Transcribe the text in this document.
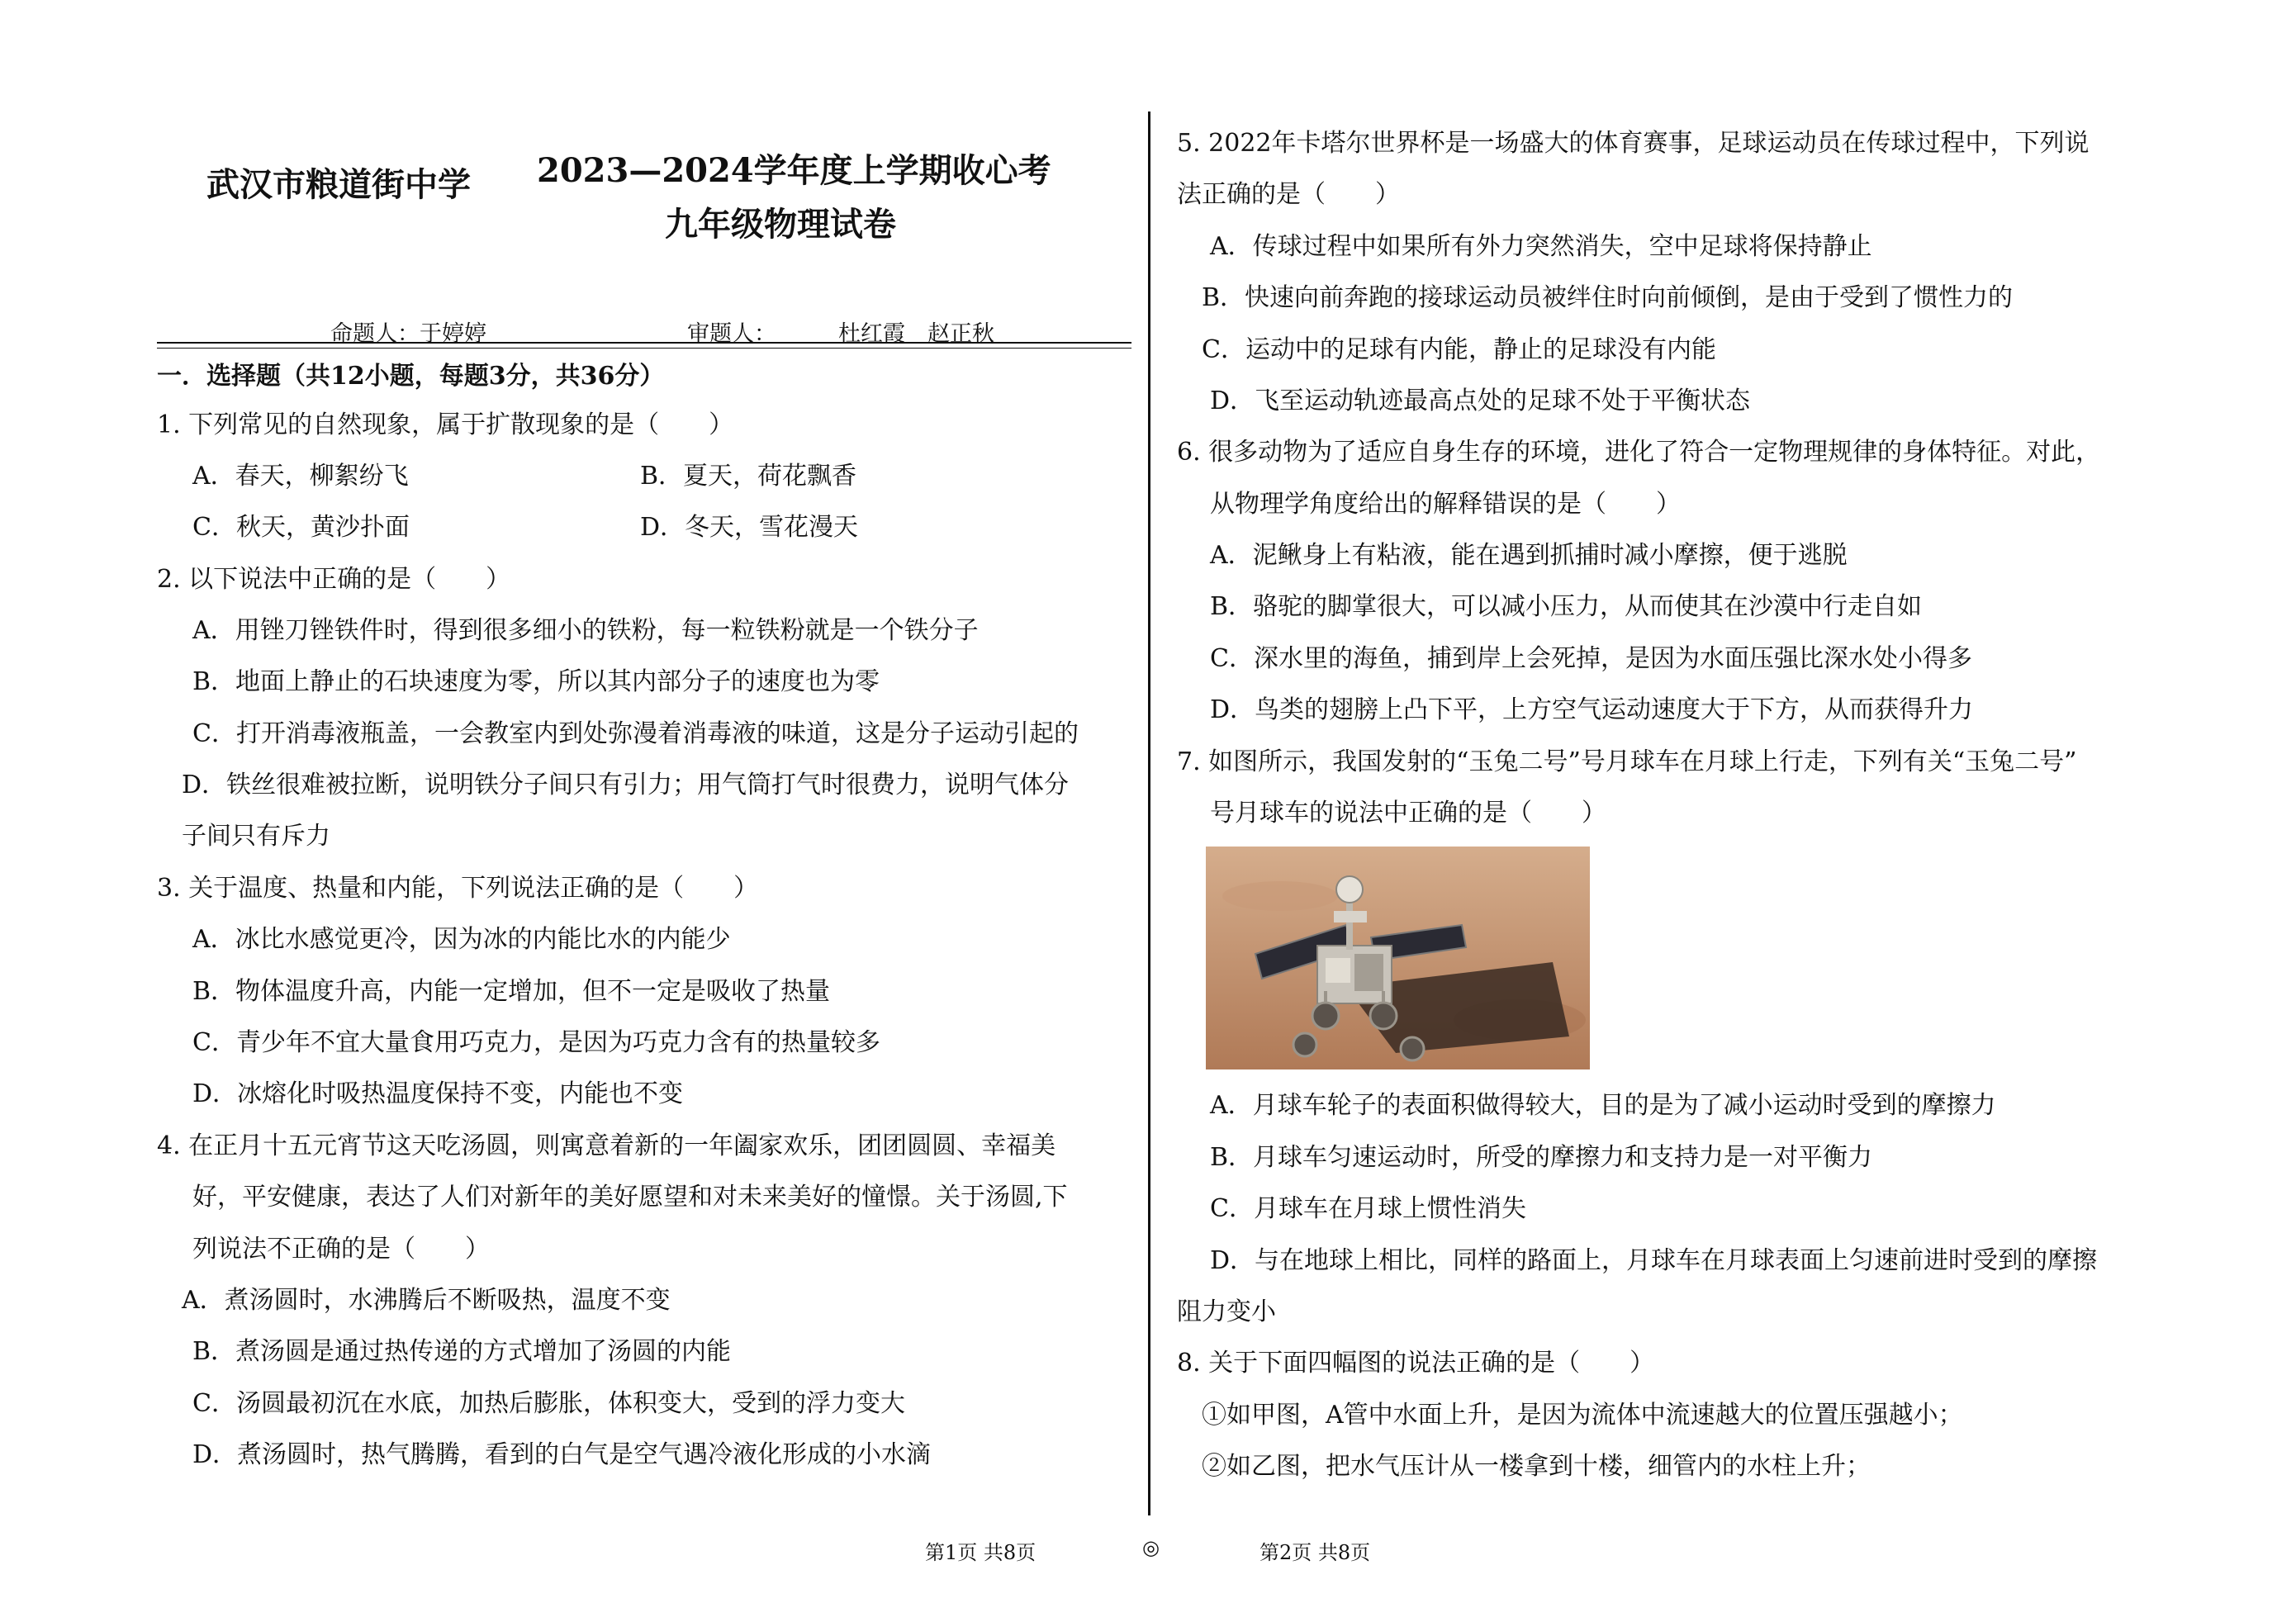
武汉市粮道街中学 2023—2024学年度上学期收心考
九年级物理试卷
命题人：于婷婷	审题人：	杜红霞　赵正秋
一．选择题（共12小题，每题3分，共36分）
1. 下列常见的自然现象，属于扩散现象的是（　　）
A．春天，柳絮纷飞	B．夏天，荷花飘香
C．秋天，黄沙扑面	D．冬天，雪花漫天
2. 以下说法中正确的是（　　）
A．用锉刀锉铁件时，得到很多细小的铁粉，每一粒铁粉就是一个铁分子
B．地面上静止的石块速度为零，所以其内部分子的速度也为零
C．打开消毒液瓶盖，一会教室内到处弥漫着消毒液的味道，这是分子运动引起的
D．铁丝很难被拉断，说明铁分子间只有引力；用气筒打气时很费力，说明气体分
子间只有斥力
3. 关于温度、热量和内能，下列说法正确的是（　　）
A．冰比水感觉更冷，因为冰的内能比水的内能少
B．物体温度升高，内能一定增加，但不一定是吸收了热量
C．青少年不宜大量食用巧克力，是因为巧克力含有的热量较多
D．冰熔化时吸热温度保持不变，内能也不变
4. 在正月十五元宵节这天吃汤圆，则寓意着新的一年阖家欢乐，团团圆圆、幸福美
好，平安健康，表达了人们对新年的美好愿望和对未来美好的憧憬。关于汤圆,下
列说法不正确的是（　　）
A．煮汤圆时，水沸腾后不断吸热，温度不变
B．煮汤圆是通过热传递的方式增加了汤圆的内能
C．汤圆最初沉在水底，加热后膨胀，体积变大，受到的浮力变大
D．煮汤圆时，热气腾腾，看到的白气是空气遇冷液化形成的小水滴
5. 2022年卡塔尔世界杯是一场盛大的体育赛事，足球运动员在传球过程中，下列说
法正确的是（　　）
A．传球过程中如果所有外力突然消失，空中足球将保持静止
B．快速向前奔跑的接球运动员被绊住时向前倾倒，是由于受到了惯性力的
C．运动中的足球有内能，静止的足球没有内能
D．飞至运动轨迹最高点处的足球不处于平衡状态
6. 很多动物为了适应自身生存的环境，进化了符合一定物理规律的身体特征。对此，
从物理学角度给出的解释错误的是（　　）
A．泥鳅身上有粘液，能在遇到抓捕时减小摩擦，便于逃脱
B．骆驼的脚掌很大，可以减小压力，从而使其在沙漠中行走自如
C．深水里的海鱼，捕到岸上会死掉，是因为水面压强比深水处小得多
D．鸟类的翅膀上凸下平，上方空气运动速度大于下方，从而获得升力
7. 如图所示，我国发射的“玉兔二号”号月球车在月球上行走，下列有关“玉兔二号”
号月球车的说法中正确的是（　　）
A．月球车轮子的表面积做得较大，目的是为了减小运动时受到的摩擦力
B．月球车匀速运动时，所受的摩擦力和支持力是一对平衡力
C．月球车在月球上惯性消失
D．与在地球上相比，同样的路面上，月球车在月球表面上匀速前进时受到的摩擦
阻力变小
8. 关于下面四幅图的说法正确的是（　　）
①如甲图，A管中水面上升，是因为流体中流速越大的位置压强越小；
②如乙图，把水气压计从一楼拿到十楼，细管内的水柱上升；
第1页 共8页	◎	第2页 共8页
